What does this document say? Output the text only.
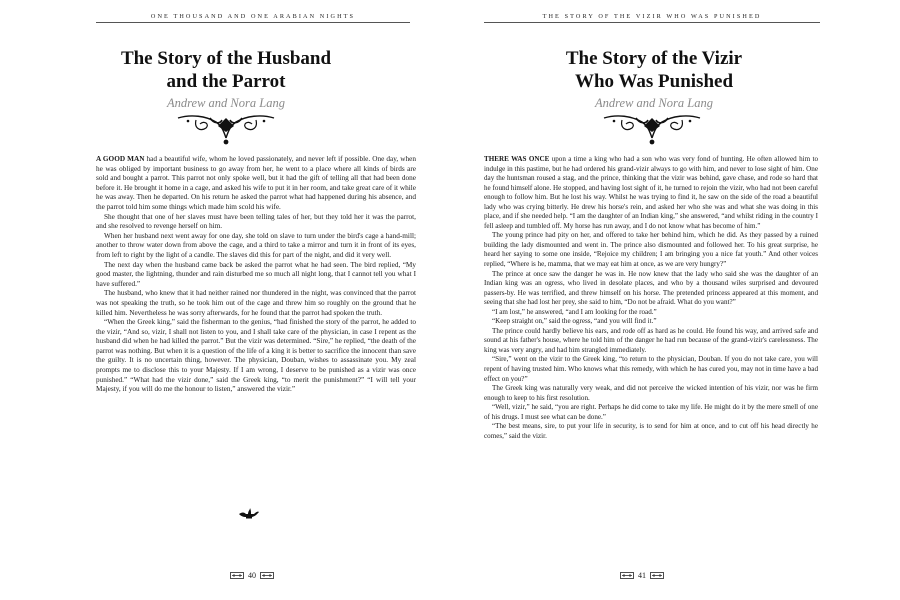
ONE THOUSAND AND ONE ARABIAN NIGHTS
The Story of the Husband
and the Parrot
Andrew and Nora Lang

A GOOD MAN had a beautiful wife, whom he loved passionately, and never left if possible. One day, when he was obliged by important business to go away from her, he went to a place where all kinds of birds are sold and bought a parrot. This parrot not only spoke well, but it had the gift of telling all that had been done before it. He brought it home in a cage, and asked his wife to put it in her room, and take great care of it while he was away. Then he departed. On his return he asked the parrot what had happened during his absence, and the parrot told him some things which made him scold his wife.

She thought that one of her slaves must have been telling tales of her, but they told her it was the parrot, and she resolved to revenge herself on him.

When her husband next went away for one day, she told on slave to turn under the bird's cage a hand-mill; another to throw water down from above the cage, and a third to take a mirror and turn it in front of its eyes, from left to right by the light of a candle. The slaves did this for part of the night, and did it very well.

The next day when the husband came back be asked the parrot what he had seen. The bird replied, “My good master, the lightning, thunder and rain disturbed me so much all night long, that I cannot tell you what I have suffered.”

The husband, who knew that it had neither rained nor thundered in the night, was convinced that the parrot was not speaking the truth, so he took him out of the cage and threw him so roughly on the ground that he killed him. Nevertheless he was sorry afterwards, for he found that the parrot had spoken the truth.

“When the Greek king,” said the fisherman to the genius, “had finished the story of the parrot, he added to the vizir, “And so, vizir, I shall not listen to you, and I shall take care of the physician, in case I repent as the husband did when he had killed the parrot.” But the vizir was determined. “Sire,” he replied, “the death of the parrot was nothing. But when it is a question of the life of a king it is better to sacrifice the innocent than save the guilty. It is no uncertain thing, however. The physician, Douban, wishes to assassinate you. My zeal prompts me to disclose this to your Majesty. If I am wrong, I deserve to be punished as a vizir was once punished.” “What had the vizir done,” said the Greek king, “to merit the punishment?” “I will tell your Majesty, if you will do me the honour to listen,” answered the vizir.”

40
THE STORY OF THE VIZIR WHO WAS PUNISHED
The Story of the Vizir
Who Was Punished
Andrew and Nora Lang

THERE WAS ONCE upon a time a king who had a son who was very fond of hunting. He often allowed him to indulge in this pastime, but he had ordered his grand-vizir always to go with him, and never to lose sight of him. One day the huntsman roused a stag, and the prince, thinking that the vizir was behind, gave chase, and rode so hard that he found himself alone. He stopped, and having lost sight of it, he turned to rejoin the vizir, who had not been careful enough to follow him. But he lost his way. Whilst he was trying to find it, he saw on the side of the road a beautiful lady who was crying bitterly. He drew his horse's rein, and asked her who she was and what she was doing in this place, and if she needed help. “I am the daughter of an Indian king,” she answered, “and whilst riding in the country I fell asleep and tumbled off. My horse has run away, and I do not know what has become of him.”

The young prince had pity on her, and offered to take her behind him, which he did. As they passed by a ruined building the lady dismounted and went in. The prince also dismounted and followed her. To his great surprise, he heard her saying to some one inside, “Rejoice my children; I am bringing you a nice fat youth.” And other voices replied, “Where is he, mamma, that we may eat him at once, as we are very hungry?”

The prince at once saw the danger he was in. He now knew that the lady who said she was the daughter of an Indian king was an ogress, who lived in desolate places, and who by a thousand wiles surprised and devoured passers-by. He was terrified, and threw himself on his horse. The pretended princess appeared at this moment, and seeing that she had lost her prey, she said to him, “Do not be afraid. What do you want?”

“I am lost,” he answered, “and I am looking for the road.”

“Keep straight on,” said the ogress, “and you will find it.”

The prince could hardly believe his ears, and rode off as hard as he could. He found his way, and arrived safe and sound at his father's house, where he told him of the danger he had run because of the grand-vizir's carelessness. The king was very angry, and had him strangled immediately.

“Sire,” went on the vizir to the Greek king, “to return to the physician, Douban. If you do not take care, you will repent of having trusted him. Who knows what this remedy, with which he has cured you, may not in time have a bad effect on you?”

The Greek king was naturally very weak, and did not perceive the wicked intention of his vizir, nor was he firm enough to keep to his first resolution.

“Well, vizir,” he said, “you are right. Perhaps he did come to take my life. He might do it by the mere smell of one of his drugs. I must see what can be done.”

“The best means, sire, to put your life in security, is to send for him at once, and to cut off his head directly he comes,” said the vizir.

41
